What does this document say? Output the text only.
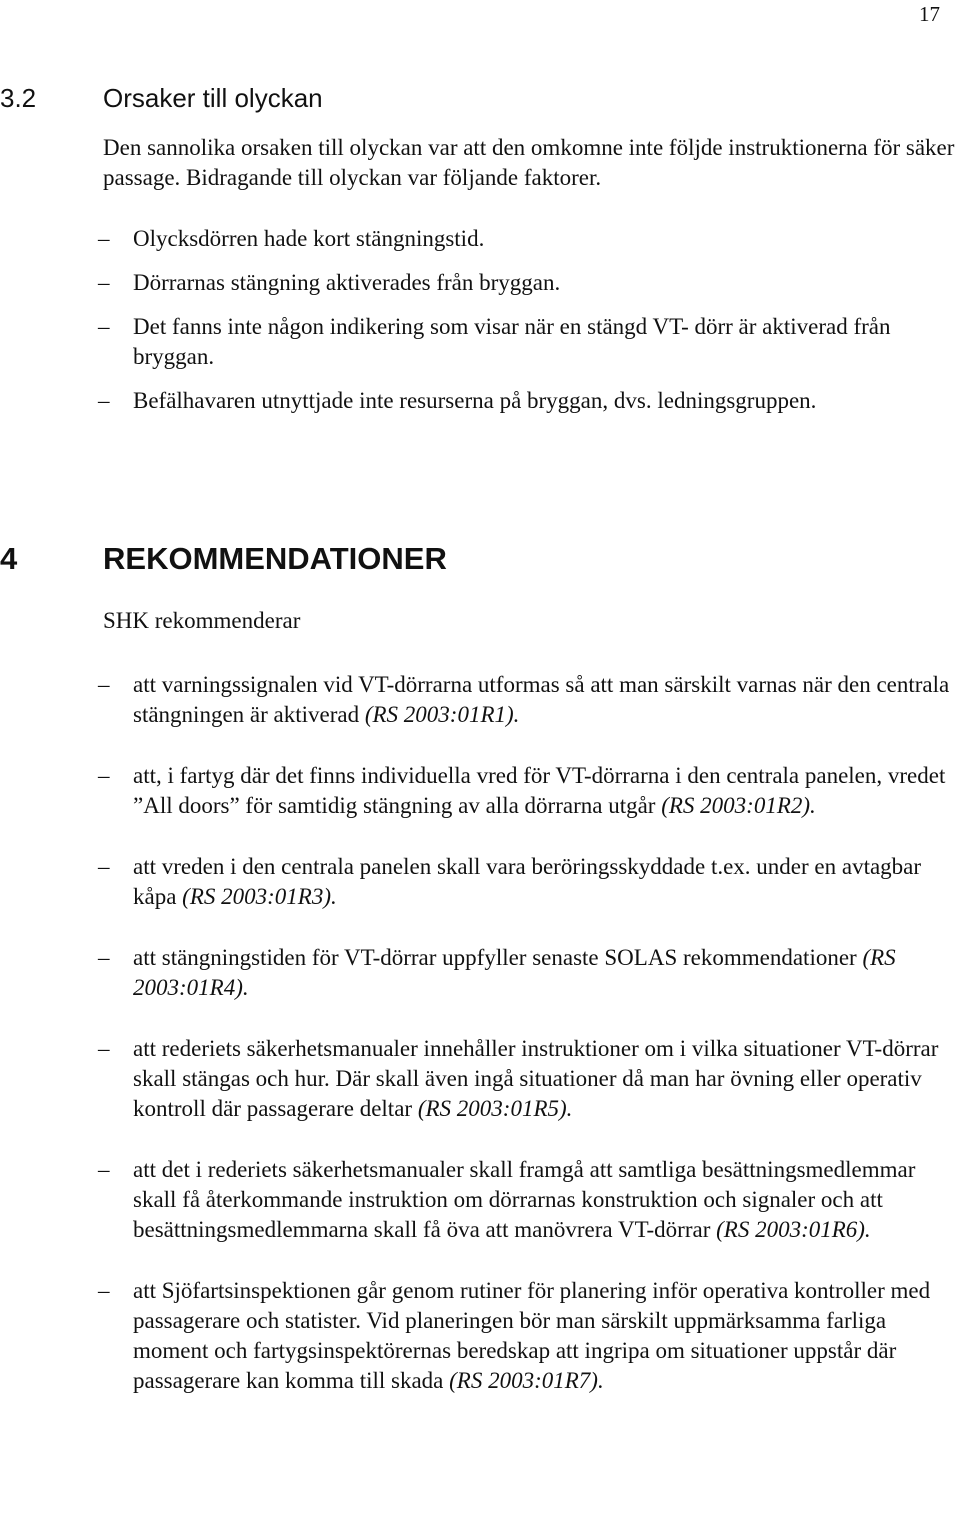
17
3.2	Orsaker till olyckan

Den sannolika orsaken till olyckan var att den omkomne inte följde instruktionerna för säker passage. Bidragande till olyckan var följande faktorer.

– Olycksdörren hade kort stängningstid.
– Dörrarnas stängning aktiverades från bryggan.
– Det fanns inte någon indikering som visar när en stängd VT- dörr är aktiverad från bryggan.
– Befälhavaren utnyttjade inte resurserna på bryggan, dvs. ledningsgruppen.
4	REKOMMENDATIONER

SHK rekommenderar

– att varningssignalen vid VT-dörrarna utformas så att man särskilt varnas när den centrala stängningen är aktiverad (RS 2003:01R1).
– att, i fartyg där det finns individuella vred för VT-dörrarna i den centrala panelen, vredet ”All doors” för samtidig stängning av alla dörrarna utgår (RS 2003:01R2).
– att vreden i den centrala panelen skall vara beröringsskyddade t.ex. under en avtagbar kåpa (RS 2003:01R3).
– att stängningstiden för VT-dörrar uppfyller senaste SOLAS rekommendationer (RS 2003:01R4).
– att rederiets säkerhetsmanualer innehåller instruktioner om i vilka situationer VT-dörrar skall stängas och hur. Där skall även ingå situationer då man har övning eller operativ kontroll där passagerare deltar (RS 2003:01R5).
– att det i rederiets säkerhetsmanualer skall framgå att samtliga besättningsmedlemmar skall få återkommande instruktion om dörrarnas konstruktion och signaler och att besättningsmedlemmarna skall få öva att manövrera VT-dörrar (RS 2003:01R6).
– att Sjöfartsinspektionen går genom rutiner för planering inför operativa kontroller med passagerare och statister. Vid planeringen bör man särskilt uppmärksamma farliga moment och fartygsinspektörernas beredskap att ingripa om situationer uppstår där passagerare kan komma till skada (RS 2003:01R7).
